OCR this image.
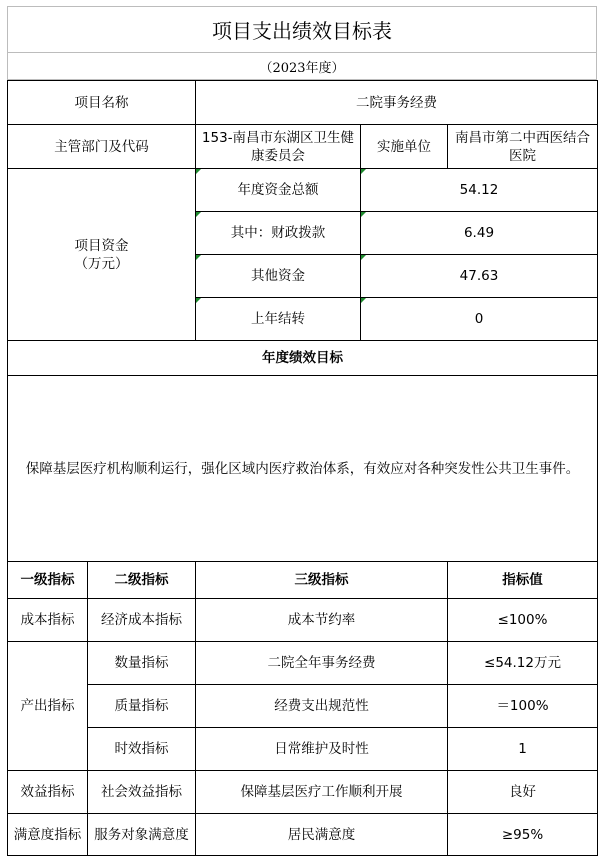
项目支出绩效目标表
（2023年度）
项目名称		二院事务经费		
主管部门及代码		153-南昌市东湖区卫生健康委员会	实施单位	南昌市第二中西医结合医院

项目资金
（万元）		年度资金总额	54.12	
		其中：财政拨款	6.49	
		其他资金	47.63	
		上年结转	0	
年度绩效目标				
保障基层医疗机构顺利运行，强化区域内医疗救治体系，有效应对各种突发性公共卫生事件。				
一级指标	二级指标	三级指标		指标值
成本指标	经济成本指标	成本节约率		≤100%
产出指标	数量指标	二院全年事务经费		≤54.12万元
	质量指标	经费支出规范性		＝100%
	时效指标	日常维护及时性		1
效益指标	社会效益指标	保障基层医疗工作顺利开展		良好
满意度指标	服务对象满意度	居民满意度		≥95%
